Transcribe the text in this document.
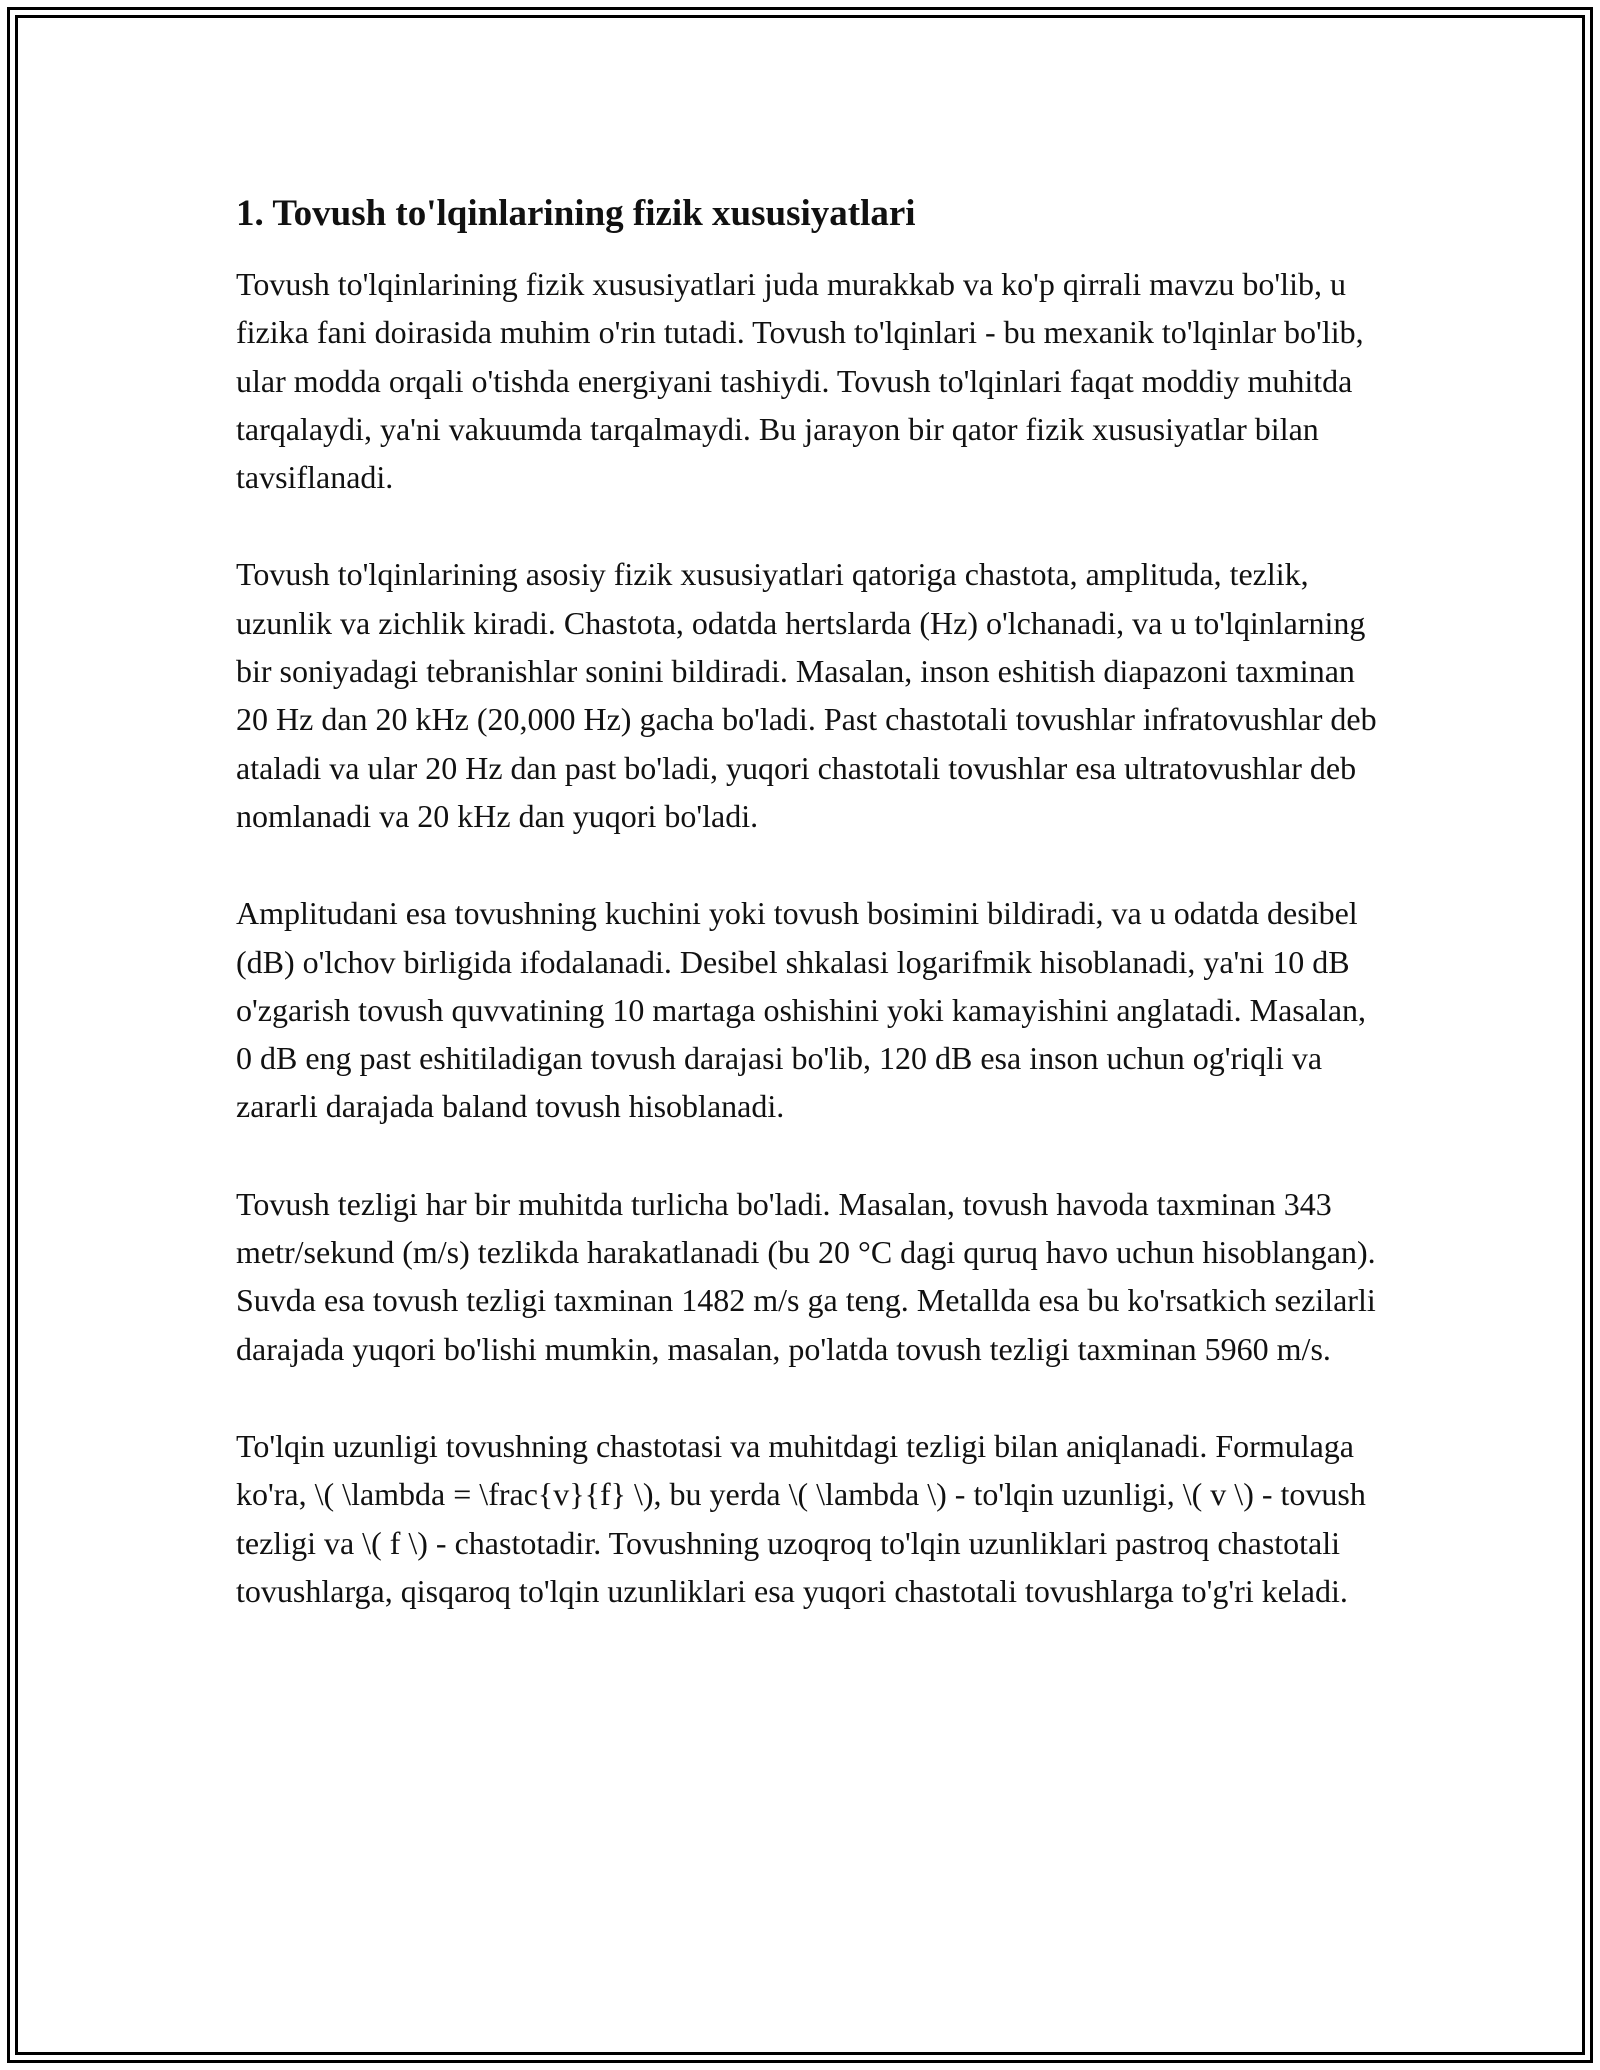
1. Tovush to'lqinlarining fizik xususiyatlari

Tovush to'lqinlarining fizik xususiyatlari juda murakkab va ko'p qirrali mavzu bo'lib, u fizika fani doirasida muhim o'rin tutadi. Tovush to'lqinlari - bu mexanik to'lqinlar bo'lib, ular modda orqali o'tishda energiyani tashiydi. Tovush to'lqinlari faqat moddiy muhitda tarqalaydi, ya'ni vakuumda tarqalmaydi. Bu jarayon bir qator fizik xususiyatlar bilan tavsiflanadi.

Tovush to'lqinlarining asosiy fizik xususiyatlari qatoriga chastota, amplituda, tezlik, uzunlik va zichlik kiradi. Chastota, odatda hertslarda (Hz) o'lchanadi, va u to'lqinlarning bir soniyadagi tebranishlar sonini bildiradi. Masalan, inson eshitish diapazoni taxminan 20 Hz dan 20 kHz (20,000 Hz) gacha bo'ladi. Past chastotali tovushlar infratovushlar deb ataladi va ular 20 Hz dan past bo'ladi, yuqori chastotali tovushlar esa ultratovushlar deb nomlanadi va 20 kHz dan yuqori bo'ladi.

Amplitudani esa tovushning kuchini yoki tovush bosimini bildiradi, va u odatda desibel (dB) o'lchov birligida ifodalanadi. Desibel shkalasi logarifmik hisoblanadi, ya'ni 10 dB o'zgarish tovush quvvatining 10 martaga oshishini yoki kamayishini anglatadi. Masalan, 0 dB eng past eshitiladigan tovush darajasi bo'lib, 120 dB esa inson uchun og'riqli va zararli darajada baland tovush hisoblanadi.

Tovush tezligi har bir muhitda turlicha bo'ladi. Masalan, tovush havoda taxminan 343 metr/sekund (m/s) tezlikda harakatlanadi (bu 20 °C dagi quruq havo uchun hisoblangan). Suvda esa tovush tezligi taxminan 1482 m/s ga teng. Metallda esa bu ko'rsatkich sezilarli darajada yuqori bo'lishi mumkin, masalan, po'latda tovush tezligi taxminan 5960 m/s.

To'lqin uzunligi tovushning chastotasi va muhitdagi tezligi bilan aniqlanadi. Formulaga ko'ra, \( \lambda = \frac{v}{f} \), bu yerda \( \lambda \) - to'lqin uzunligi, \( v \) - tovush tezligi va \( f \) - chastotadir. Tovushning uzoqroq to'lqin uzunliklari pastroq chastotali tovushlarga, qisqaroq to'lqin uzunliklari esa yuqori chastotali tovushlarga to'g'ri keladi.
